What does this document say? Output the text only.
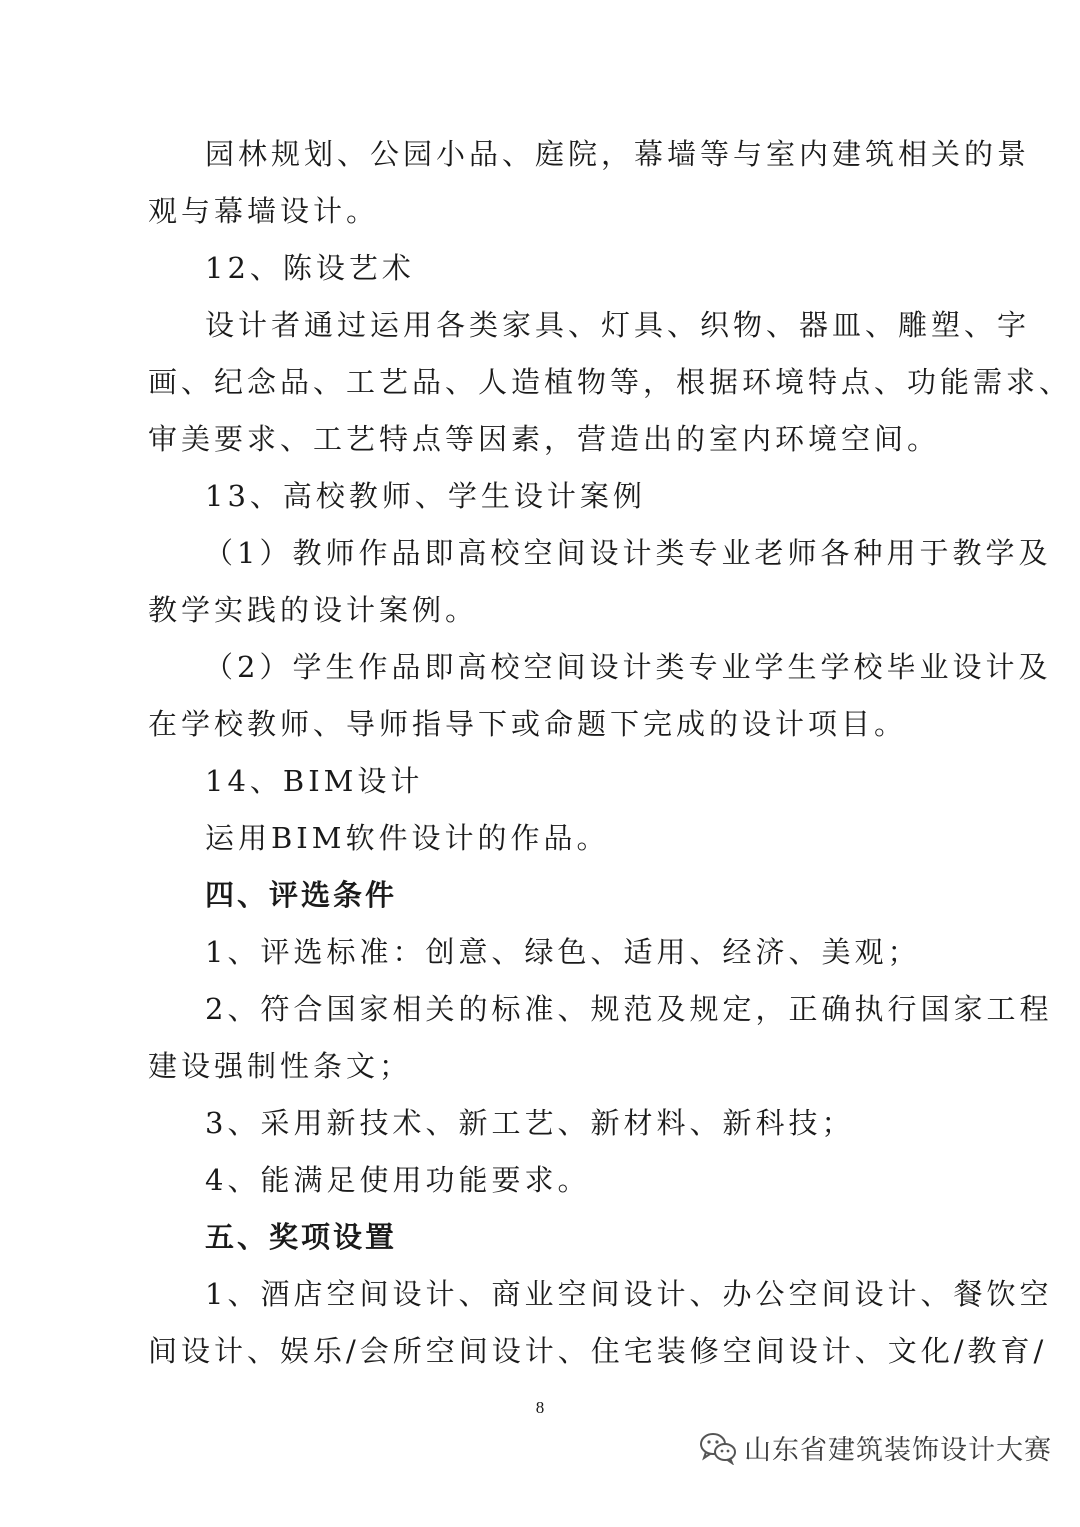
园林规划、公园小品、庭院，幕墙等与室内建筑相关的景
观与幕墙设计。
12、陈设艺术
设计者通过运用各类家具、灯具、织物、器皿、雕塑、字
画、纪念品、工艺品、人造植物等，根据环境特点、功能需求、
审美要求、工艺特点等因素，营造出的室内环境空间。
13、高校教师、学生设计案例
（1）教师作品即高校空间设计类专业老师各种用于教学及
教学实践的设计案例。
（2）学生作品即高校空间设计类专业学生学校毕业设计及
在学校教师、导师指导下或命题下完成的设计项目。
14、BIM设计
运用BIM软件设计的作品。
四、评选条件
1、评选标准：创意、绿色、适用、经济、美观；
2、符合国家相关的标准、规范及规定，正确执行国家工程
建设强制性条文；
3、采用新技术、新工艺、新材料、新科技；
4、能满足使用功能要求。
五、奖项设置
1、酒店空间设计、商业空间设计、办公空间设计、餐饮空
间设计、娱乐/会所空间设计、住宅装修空间设计、文化/教育/
8
山东省建筑装饰设计大赛
